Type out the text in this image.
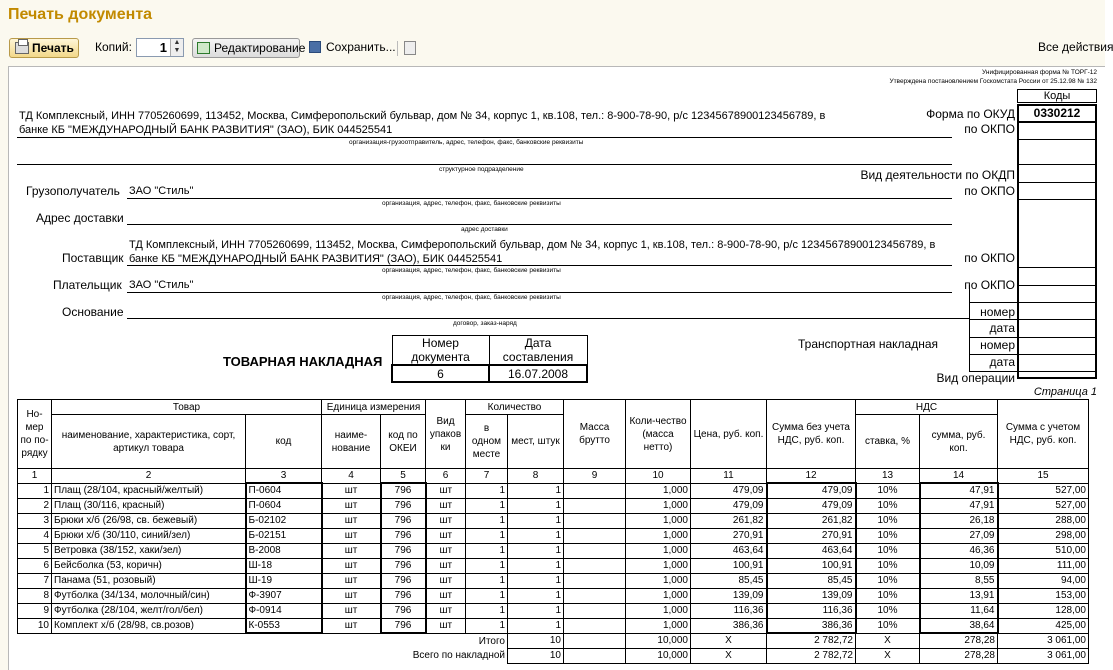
Печать документа
Печать	Копий:	Редактирование	Сохранить...
1 ▲
▼	Все действия
Унифицированная форма № ТОРГ-12
Утверждена постановлением Госкомстата России от 25.12.98 № 132
Коды
0330212
Форма по ОКУД
по ОКПО
ТД Комплексный, ИНН 7705260699, 113452, Москва, Симферопольский бульвар, дом № 34, корпус 1, кв.108, тел.: 8-900-78-90, р/с 12345678900123456789, в
банке КБ "МЕЖДУНАРОДНЫЙ БАНК РАЗВИТИЯ" (ЗАО), БИК 044525541
организация-грузоотправитель, адрес, телефон, факс, банковские реквизиты
структурное подразделение	Вид деятельности по ОКДП
Грузополучатель ЗАО "Стиль"
организация, адрес, телефон, факс, банковские реквизиты
по ОКПО
Адрес доставки
адрес доставки
ТД Комплексный, ИНН 7705260699, 113452, Москва, Симферопольский бульвар, дом № 34, корпус 1, кв.108, тел.: 8-900-78-90, р/с 12345678900123456789, в
Поставщик банке КБ "МЕЖДУНАРОДНЫЙ БАНК РАЗВИТИЯ" (ЗАО), БИК 044525541
организация, адрес, телефон, факс, банковские реквизиты
по ОКПО
Плательщик ЗАО "Стиль"
организация, адрес, телефон, факс, банковские реквизиты
по ОКПО
Основание
договор, заказ-наряд
номер
дата
Транспортная накладная	номер
дата
Вид операции
ТОВАРНАЯ НАКЛАДНАЯ
Номер документа	Дата составления
6	16.07.2008
Страница 1
Но-мер по по-рядку	Товар		Единица измерения		Вид упаков ки	Количество		Масса брутто	Коли-чество (масса нетто)	Цена, руб. коп.	Сумма без учета НДС, руб. коп.	НДС		Сумма с учетом НДС, руб. коп.
	наименование, характеристика, сорт, артикул товара	код	наиме-нование	код по ОКЕИ		в одном месте	мест, штук					ставка, %	сумма, руб. коп.	
1	2	3	4	5	6	7	8	9	10	11	12	13	14	15
1	Плащ (28/104, красный/желтый)	П-0604	шт	796	шт	1	1		1,000	479,09	479,09	10%	47,91	527,00
2	Плащ (30/116, красный)	П-0604	шт	796	шт	1	1		1,000	479,09	479,09	10%	47,91	527,00
3	Брюки х/б (26/98, св. бежевый)	Б-02102	шт	796	шт	1	1		1,000	261,82	261,82	10%	26,18	288,00
4	Брюки х/б (30/110, синий/зел)	Б-02151	шт	796	шт	1	1		1,000	270,91	270,91	10%	27,09	298,00
5	Ветровка (38/152, хаки/зел)	В-2008	шт	796	шт	1	1		1,000	463,64	463,64	10%	46,36	510,00
6	Бейсболка (53, коричн)	Ш-18	шт	796	шт	1	1		1,000	100,91	100,91	10%	10,09	111,00
7	Панама (51, розовый)	Ш-19	шт	796	шт	1	1		1,000	85,45	85,45	10%	8,55	94,00
8	Футболка (34/134, молочный/син)	Ф-3907	шт	796	шт	1	1		1,000	139,09	139,09	10%	13,91	153,00
9	Футболка (28/104, желт/гол/бел)	Ф-0914	шт	796	шт	1	1		1,000	116,36	116,36	10%	11,64	128,00
10	Комплект х/б (28/98, св.розов)	К-0553	шт	796	шт	1	1		1,000	386,36	386,36	10%	38,64	425,00
Итого							10		10,000	X	2 782,72	X	278,28	3 061,00
Всего по накладной							10		10,000	X	2 782,72	X	278,28	3 061,00
